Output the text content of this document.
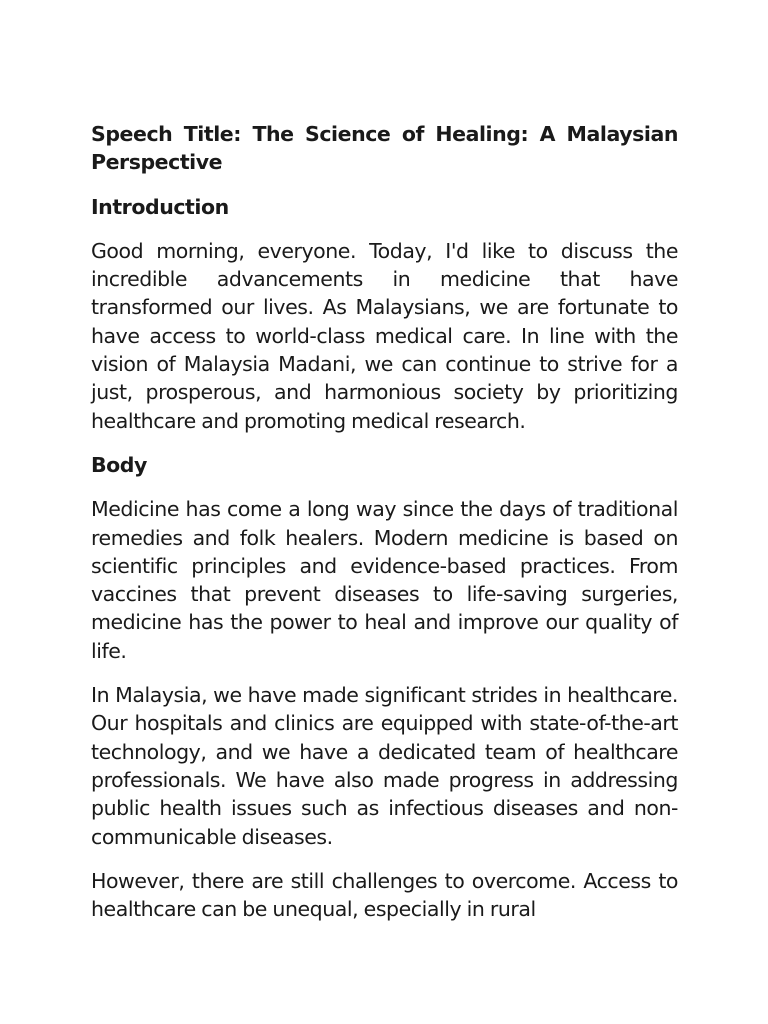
Speech Title: The Science of Healing: A Malaysian Perspective

Introduction

Good morning, everyone. Today, I'd like to discuss the incredible advancements in medicine that have transformed our lives. As Malaysians, we are fortunate to have access to world-class medical care. In line with the vision of Malaysia Madani, we can continue to strive for a just, prosperous, and harmonious society by prioritizing healthcare and promoting medical research.

Body

Medicine has come a long way since the days of traditional remedies and folk healers. Modern medicine is based on scientific principles and evidence-based practices. From vaccines that prevent diseases to life-saving surgeries, medicine has the power to heal and improve our quality of life.

In Malaysia, we have made significant strides in healthcare. Our hospitals and clinics are equipped with state-of-the-art technology, and we have a dedicated team of healthcare professionals. We have also made progress in addressing public health issues such as infectious diseases and non-communicable diseases.

However, there are still challenges to overcome. Access to healthcare can be unequal, especially in rural
